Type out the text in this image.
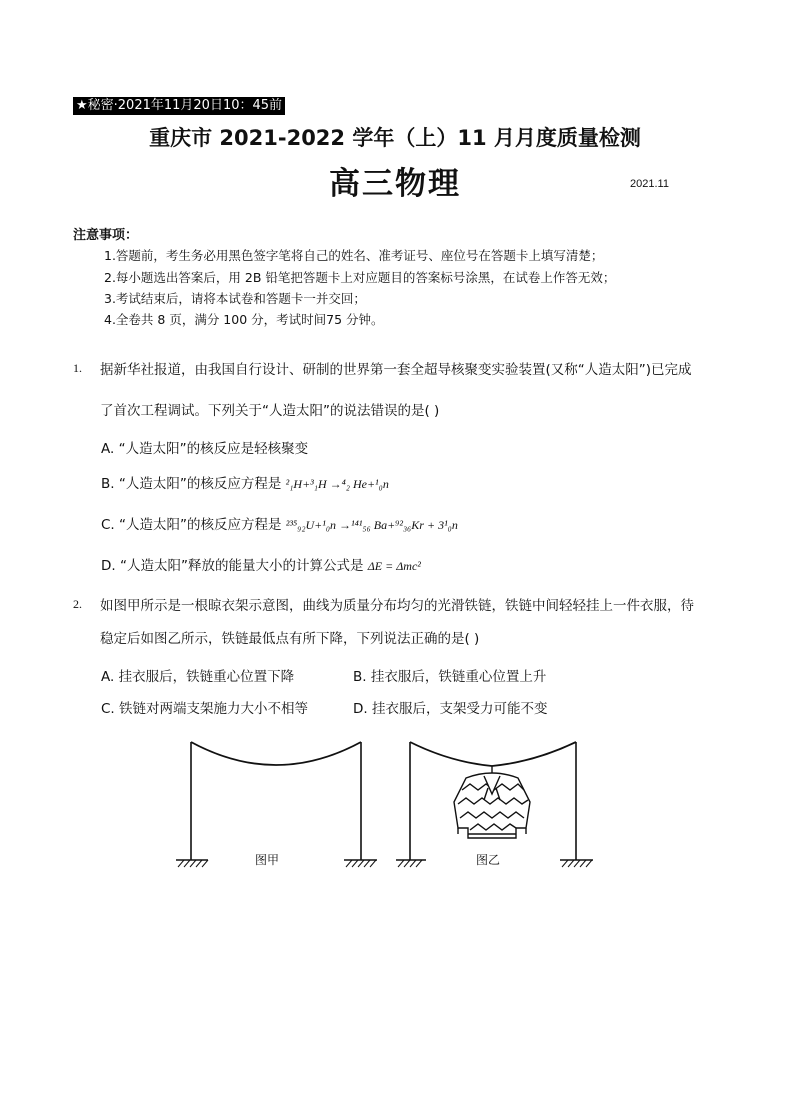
★秘密·2021年11月20日10：45前
重庆市 2021-2022 学年（上）11 月月度质量检测
高三物理	2021.11
注意事项：
1.答题前，考生务必用黑色签字笔将自己的姓名、准考证号、座位号在答题卡上填写清楚；
2.每小题选出答案后，用 2B 铅笔把答题卡上对应题目的答案标号涂黑，在试卷上作答无效；
3.考试结束后，请将本试卷和答题卡一并交回；
4.全卷共 8 页，满分 100 分，考试时间75 分钟。
1. 据新华社报道，由我国自行设计、研制的世界第一套全超导核聚变实验装置(又称“人造太阳”)已完成
了首次工程调试。下列关于“人造太阳”的说法错误的是( )
A. “人造太阳”的核反应是轻核聚变
B. “人造太阳”的核反应方程是 ²₁H+³₁H →⁴₂ He+¹₀n
C. “人造太阳”的核反应方程是 ²³⁵₉₂U+¹₀n →¹⁴¹₅₆ Ba+⁹²₃₆Kr + 3¹₀n
D. “人造太阳”释放的能量大小的计算公式是 ΔE = Δmc²
2. 如图甲所示是一根晾衣架示意图，曲线为质量分布均匀的光滑铁链，铁链中间轻轻挂上一件衣服，待
稳定后如图乙所示，铁链最低点有所下降，下列说法正确的是( )
A. 挂衣服后，铁链重心位置下降	B. 挂衣服后，铁链重心位置上升
C. 铁链对两端支架施力大小不相等	D. 挂衣服后，支架受力可能不变
图甲	图乙
